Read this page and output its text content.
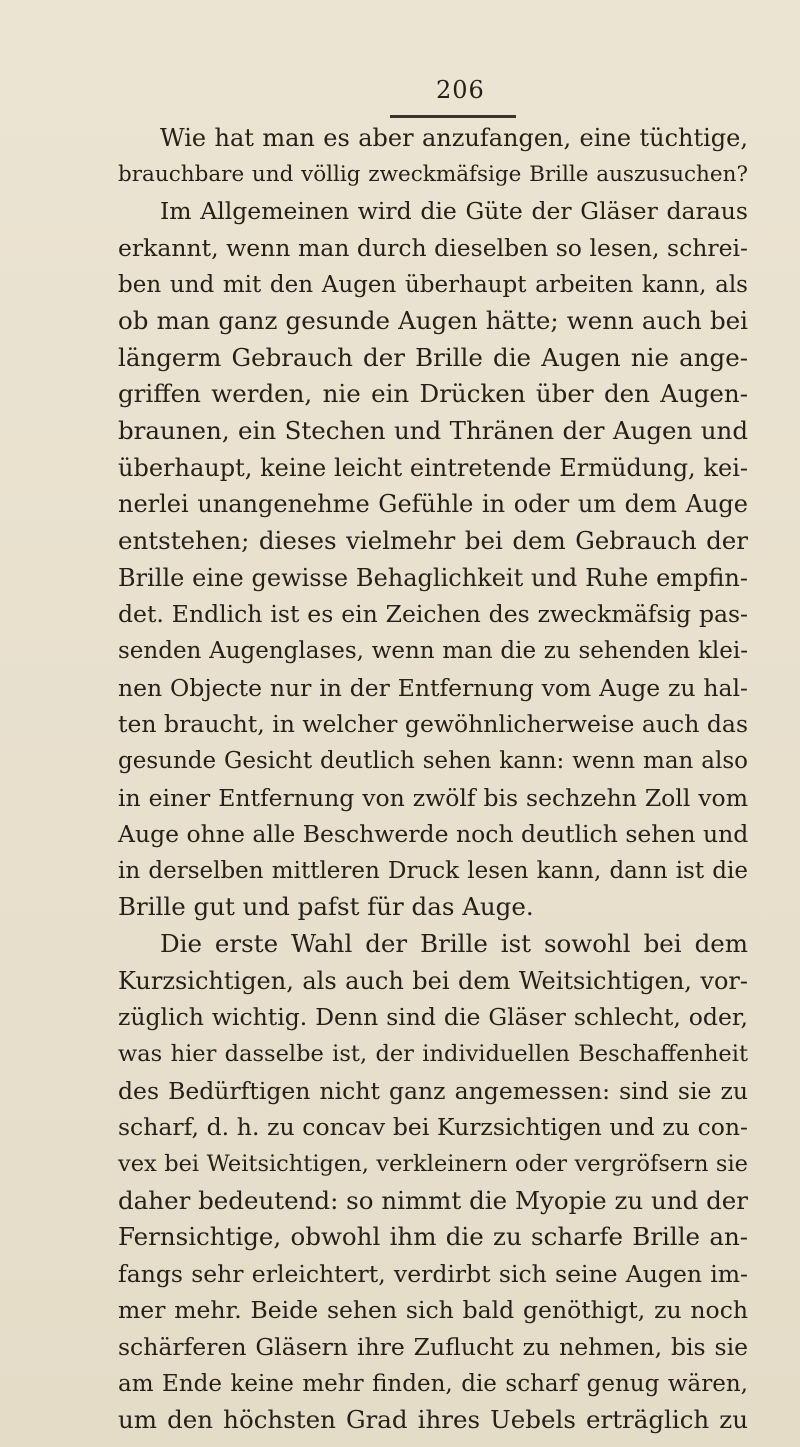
206
Wie hat man es aber anzufangen, eine tüchtige,
brauchbare und völlig zweckmäfsige Brille auszusuchen?
Im Allgemeinen wird die Güte der Gläser daraus
erkannt, wenn man durch dieselben so lesen, schrei-
ben und mit den Augen überhaupt arbeiten kann, als
ob man ganz gesunde Augen hätte; wenn auch bei
längerm Gebrauch der Brille die Augen nie ange-
griffen werden, nie ein Drücken über den Augen-
braunen, ein Stechen und Thränen der Augen und
überhaupt, keine leicht eintretende Ermüdung, kei-
nerlei unangenehme Gefühle in oder um dem Auge
entstehen; dieses vielmehr bei dem Gebrauch der
Brille eine gewisse Behaglichkeit und Ruhe empfin-
det. Endlich ist es ein Zeichen des zweckmäfsig pas-
senden Augenglases, wenn man die zu sehenden klei-
nen Objecte nur in der Entfernung vom Auge zu hal-
ten braucht, in welcher gewöhnlicherweise auch das
gesunde Gesicht deutlich sehen kann: wenn man also
in einer Entfernung von zwölf bis sechzehn Zoll vom
Auge ohne alle Beschwerde noch deutlich sehen und
in derselben mittleren Druck lesen kann, dann ist die
Brille gut und pafst für das Auge.
Die erste Wahl der Brille ist sowohl bei dem
Kurzsichtigen, als auch bei dem Weitsichtigen, vor-
züglich wichtig. Denn sind die Gläser schlecht, oder,
was hier dasselbe ist, der individuellen Beschaffenheit
des Bedürftigen nicht ganz angemessen: sind sie zu
scharf, d. h. zu concav bei Kurzsichtigen und zu con-
vex bei Weitsichtigen, verkleinern oder vergröfsern sie
daher bedeutend: so nimmt die Myopie zu und der
Fernsichtige, obwohl ihm die zu scharfe Brille an-
fangs sehr erleichtert, verdirbt sich seine Augen im-
mer mehr. Beide sehen sich bald genöthigt, zu noch
schärferen Gläsern ihre Zuflucht zu nehmen, bis sie
am Ende keine mehr finden, die scharf genug wären,
um den höchsten Grad ihres Uebels erträglich zu
